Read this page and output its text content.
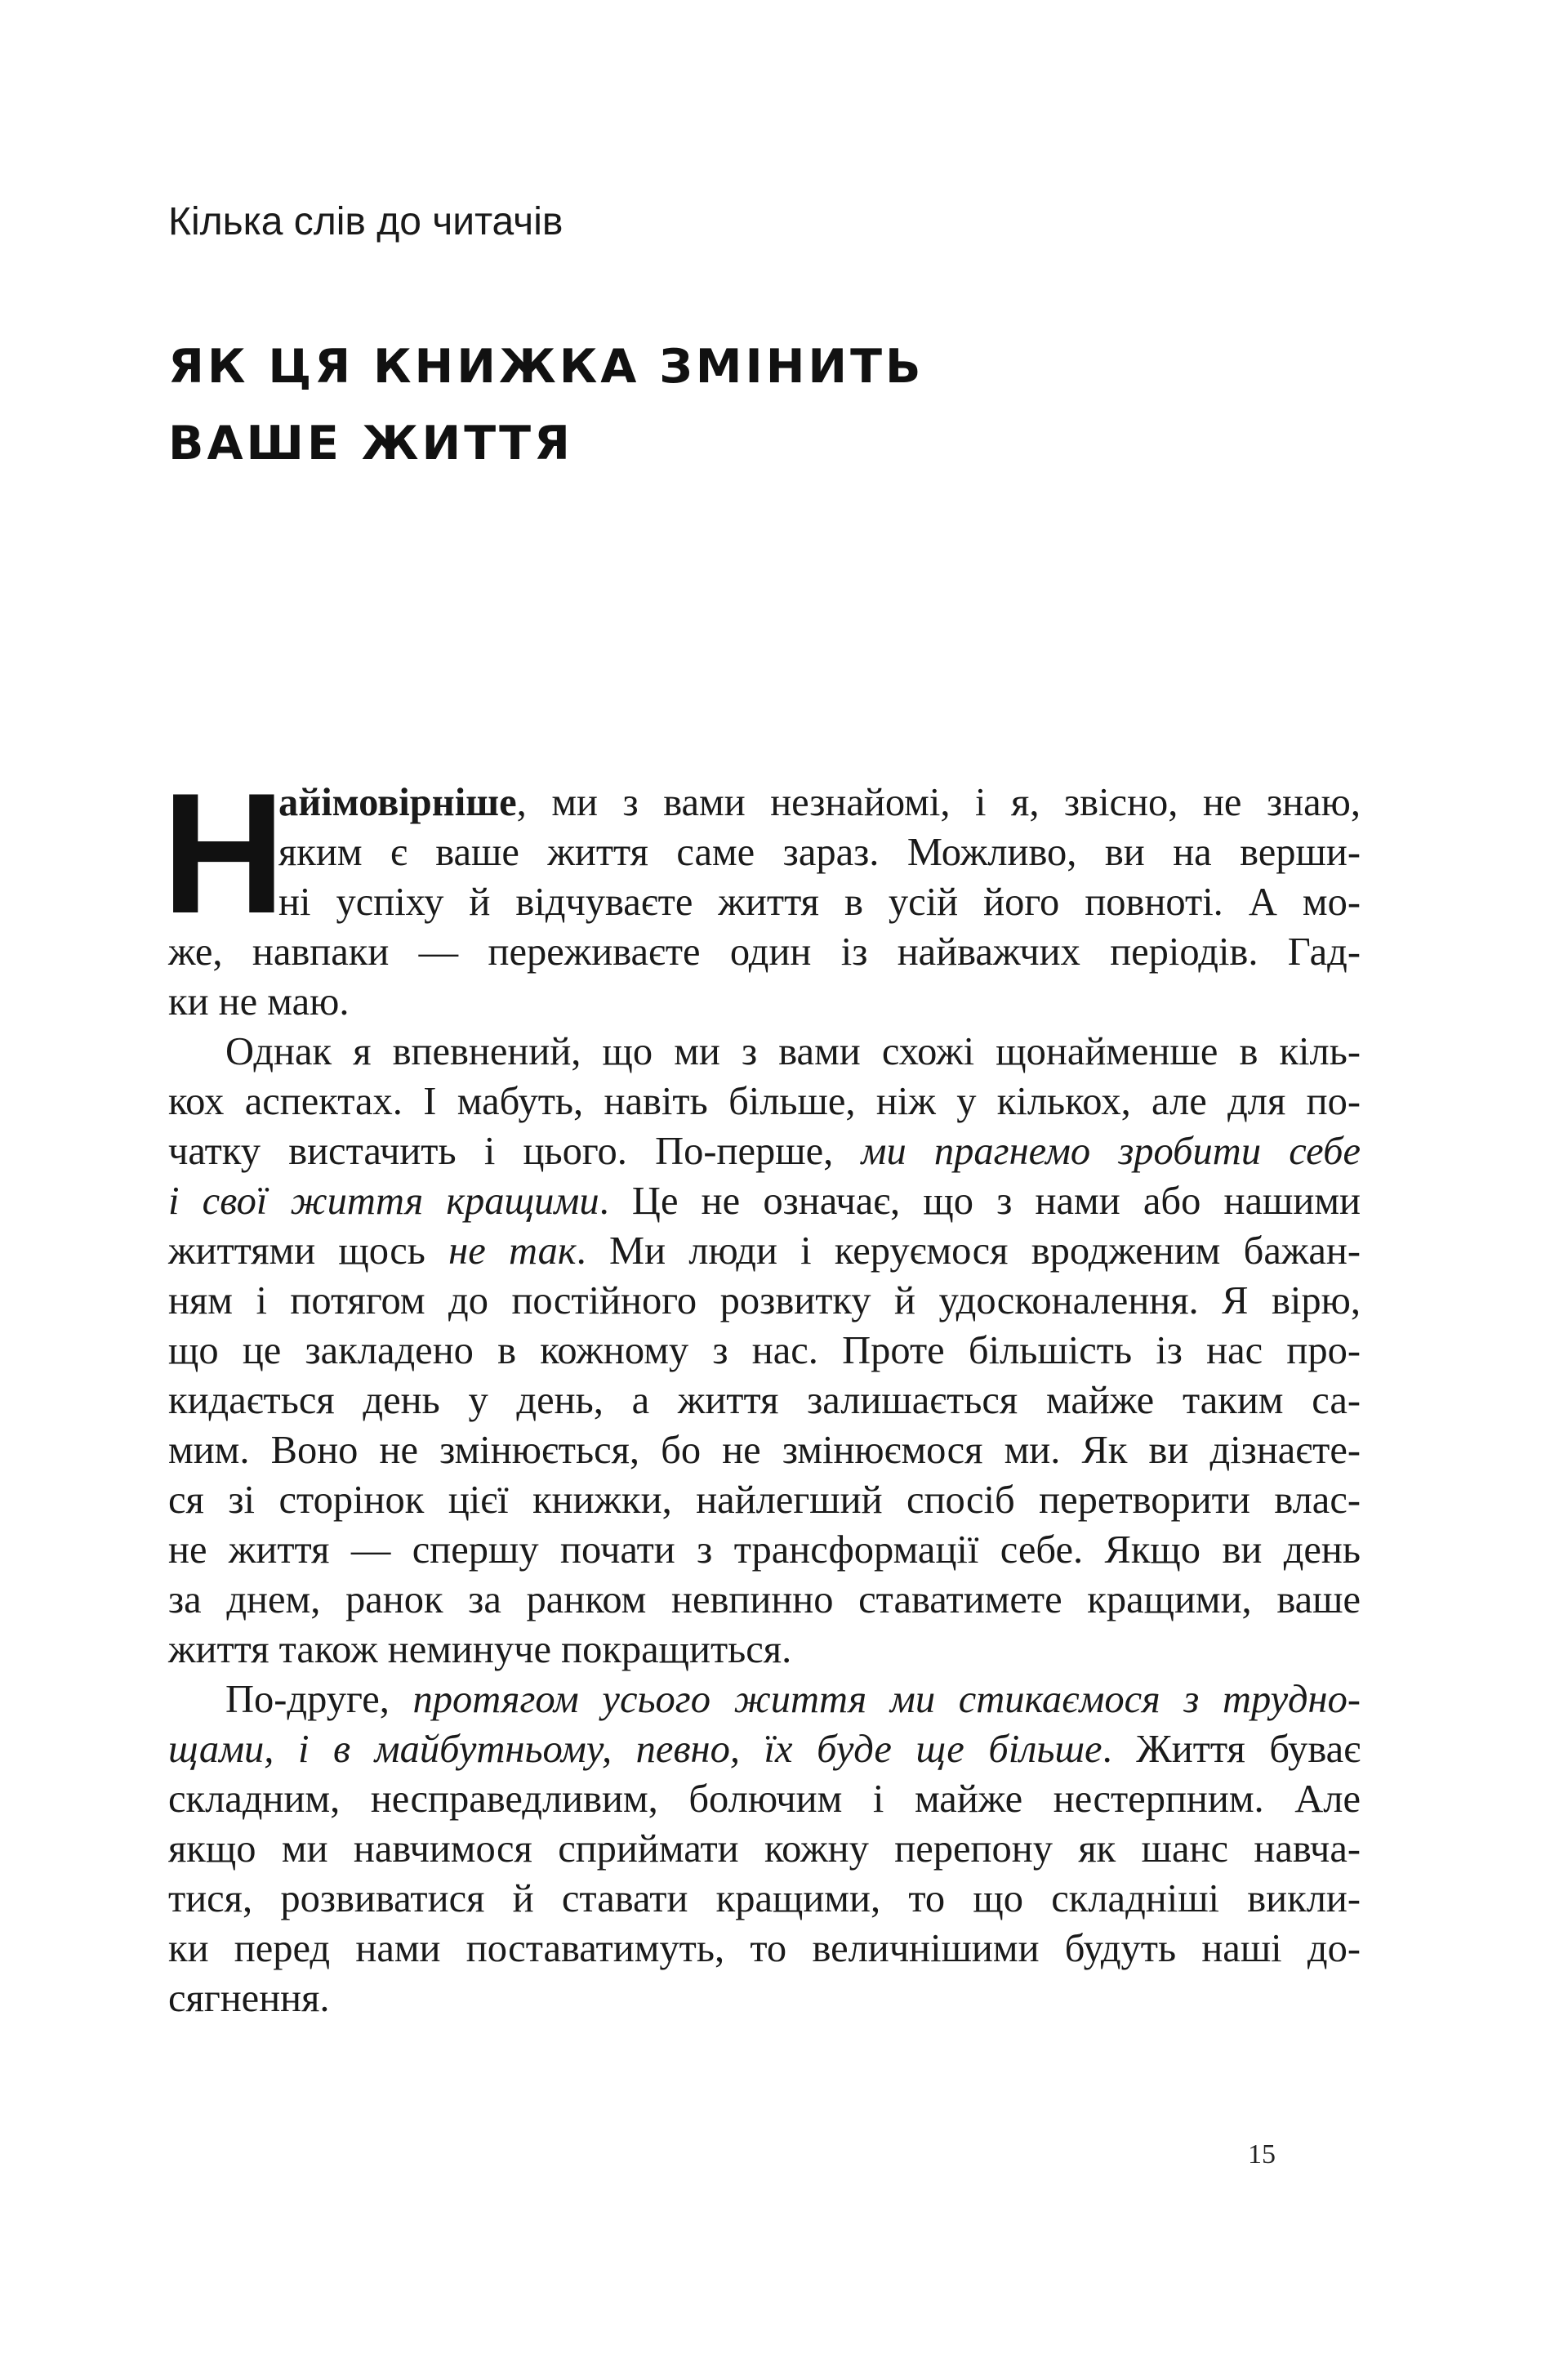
Кілька слів до читачів
ЯК ЦЯ КНИЖКА ЗМІНИТЬ
ВАШЕ ЖИТТЯ
Н
айімовірніше, ми з вами незнайомі, і я, звісно, не знаю,
яким є ваше життя саме зараз. Можливо, ви на верши-
ні успіху й відчуваєте життя в усій його повноті. А мо-
же, навпаки — переживаєте один із найважчих періодів. Гад-
ки не маю.
Однак я впевнений, що ми з вами схожі щонайменше в кіль-
кох аспектах. І мабуть, навіть більше, ніж у кількох, але для по-
чатку вистачить і цього. По-перше, ми прагнемо зробити себе
і свої життя кращими. Це не означає, що з нами або нашими
життями щось не так. Ми люди і керуємося вродженим бажан-
ням і потягом до постійного розвитку й удосконалення. Я вірю,
що це закладено в кожному з нас. Проте більшість із нас про-
кидається день у день, а життя залишається майже таким са-
мим. Воно не змінюється, бо не змінюємося ми. Як ви дізнаєте-
ся зі сторінок цієї книжки, найлегший спосіб перетворити влас-
не життя — спершу почати з трансформації себе. Якщо ви день
за днем, ранок за ранком невпинно ставатимете кращими, ваше
життя також неминуче покращиться.
По-друге, протягом усього життя ми стикаємося з трудно-
щами, і в майбутньому, певно, їх буде ще більше. Життя буває
складним, несправедливим, болючим і майже нестерпним. Але
якщо ми навчимося сприймати кожну перепону як шанс навча-
тися, розвиватися й ставати кращими, то що складніші викли-
ки перед нами поставатимуть, то величнішими будуть наші до-
сягнення.
15
